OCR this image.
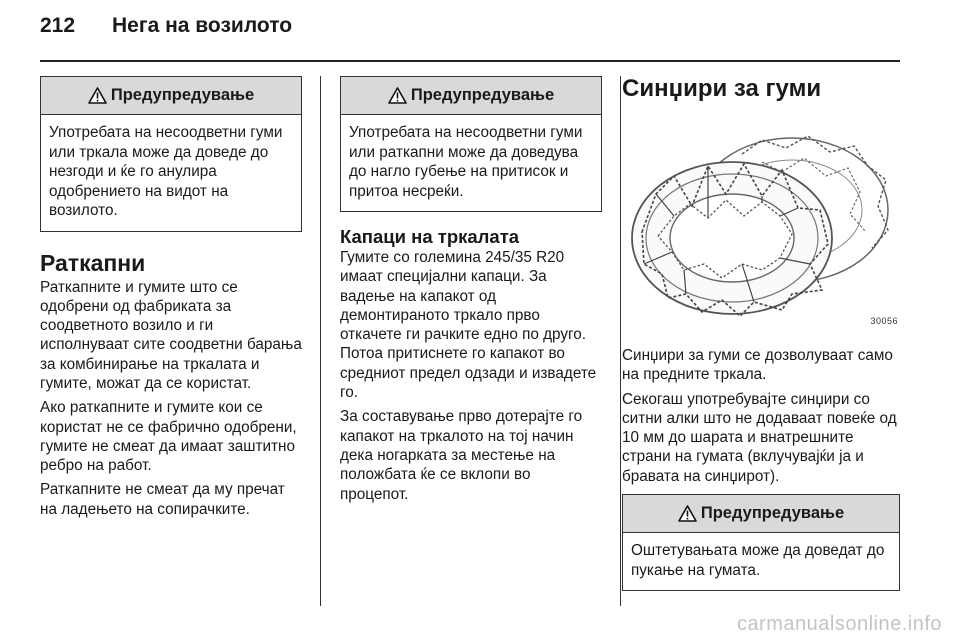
212	Нега на возилото
Предупредување
Употребата на несоодветни гуми или тркала може да доведе до незгоди и ќе го анулира одобрението на видот на возилото.
Раткапни

Раткапните и гумите што се одобрени од фабриката за соодветното возило и ги исполнуваат сите соодветни барања за комбинирање на тркалата и гумите, можат да се користат.

Ако раткапните и гумите кои се користат не се фабрично одобрени, гумите не смеат да имаат заштитно ребро на работ.

Раткапните не смеат да му пречат на ладењето на сопирачките.

Предупредување
Употребата на несоодветни гуми или раткапни може да доведува до нагло губење на притисок и притоа несреќи.
Капаци на тркалата

Гумите со големина 245/35 R20 имаат специјални капаци. За вадење на капакот од демонтираното тркало прво откачете ги рачките едно по друго. Потоа притиснете го капакот во средниот предел одзади и извадете го.

За составување прво дотерајте го капакот на тркалото на тој начин дека ногарката за местење на положбата ќе се вклопи во процепот.

Синџири за гуми
30056

Синџири за гуми се дозволуваат само на предните тркала.

Секогаш употребувајте синџири со ситни алки што не додаваат повеќе од 10 мм до шарата и внатрешните страни на гумата (вклучувајќи ја и бравата на синџирот).

Предупредување
Оштетувањата може да доведат до пукање на гумата.
carmanualsonline.info
